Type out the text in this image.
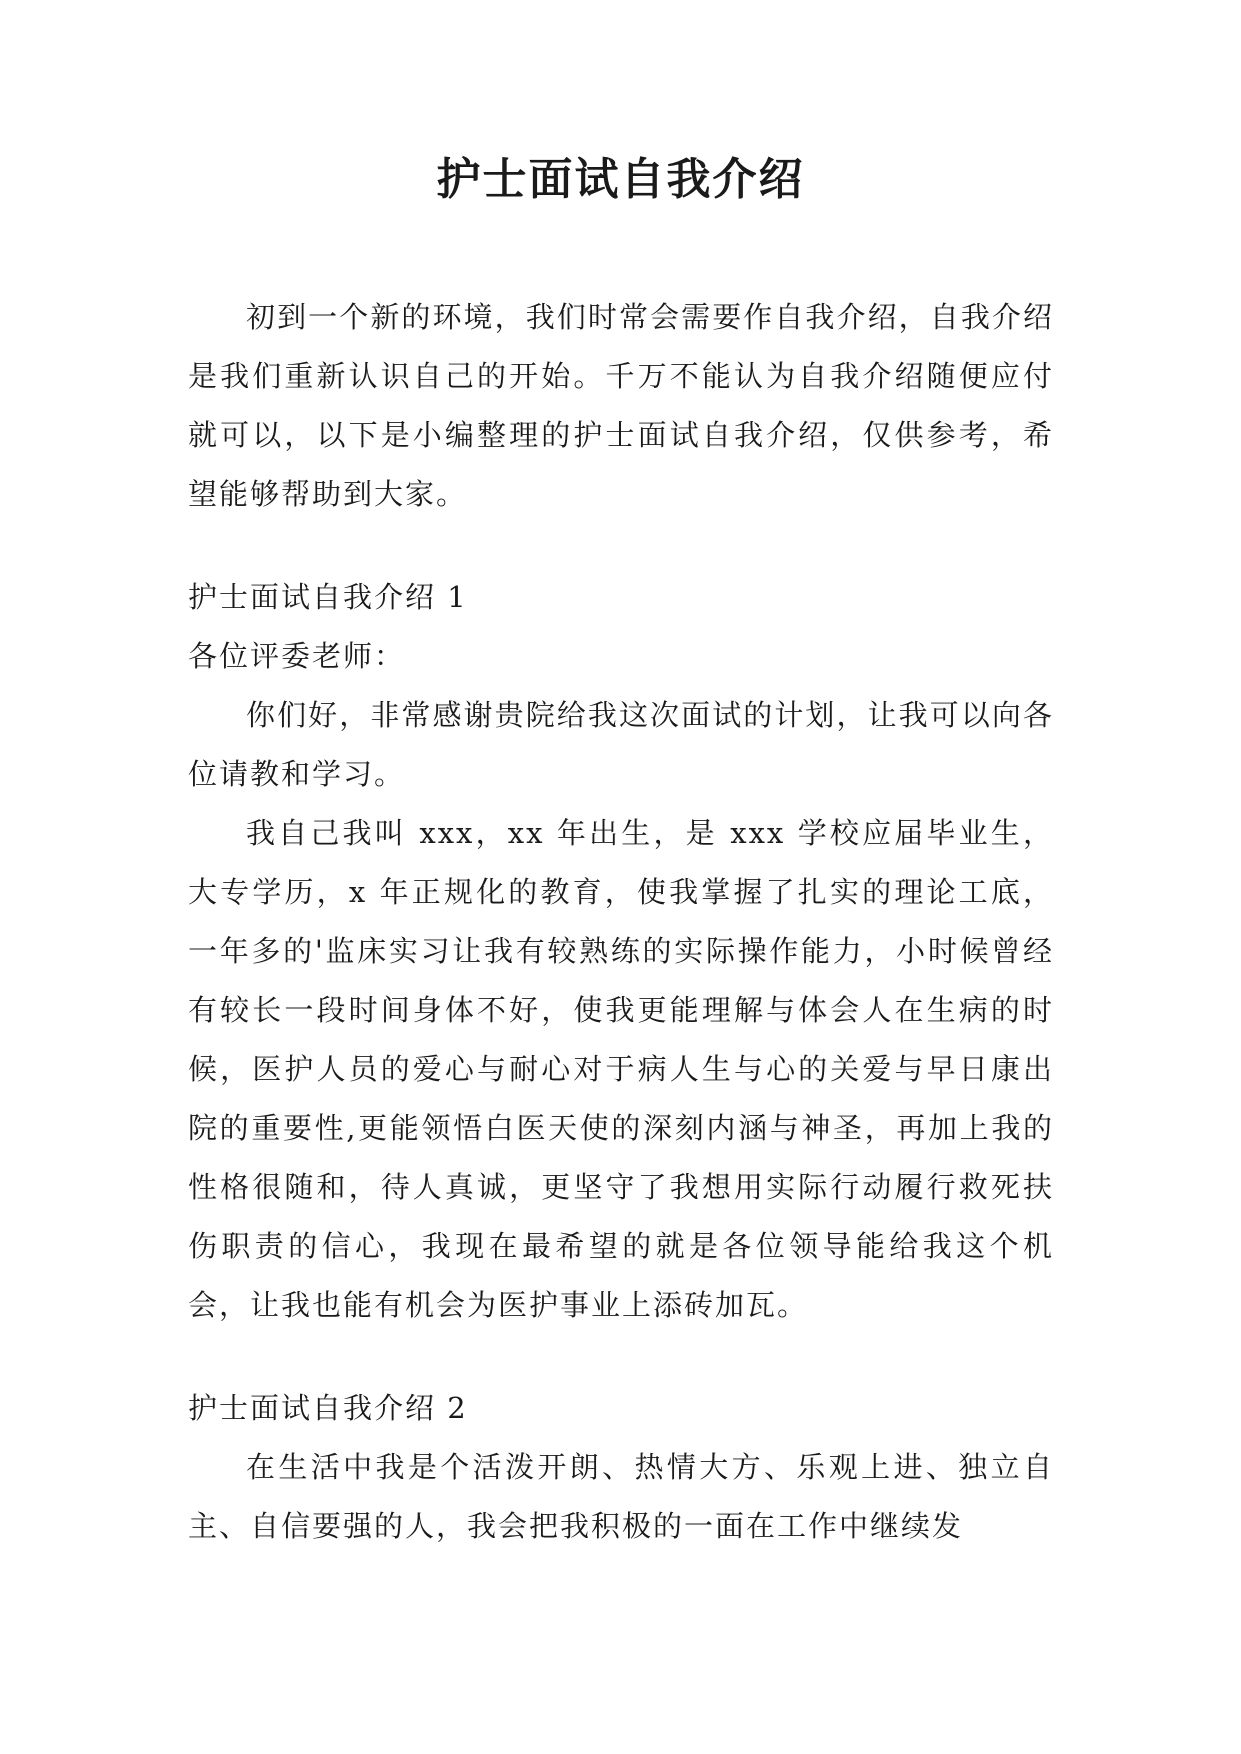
护士面试自我介绍

初到一个新的环境，我们时常会需要作自我介绍，自我介绍是我们重新认识自己的开始。千万不能认为自我介绍随便应付就可以，以下是小编整理的护士面试自我介绍，仅供参考，希望能够帮助到大家。

护士面试自我介绍 1

各位评委老师：

你们好，非常感谢贵院给我这次面试的计划，让我可以向各位请教和学习。

我自己我叫 xxx，xx 年出生，是 xxx 学校应届毕业生，大专学历，x 年正规化的教育，使我掌握了扎实的理论工底，一年多的'监床实习让我有较熟练的实际操作能力，小时候曾经有较长一段时间身体不好，使我更能理解与体会人在生病的时候，医护人员的爱心与耐心对于病人生与心的关爱与早日康出院的重要性,更能领悟白医天使的深刻内涵与神圣，再加上我的性格很随和，待人真诚，更坚守了我想用实际行动履行救死扶伤职责的信心，我现在最希望的就是各位领导能给我这个机会，让我也能有机会为医护事业上添砖加瓦。

护士面试自我介绍 2

在生活中我是个活泼开朗、热情大方、乐观上进、独立自主、自信要强的人，我会把我积极的一面在工作中继续发
